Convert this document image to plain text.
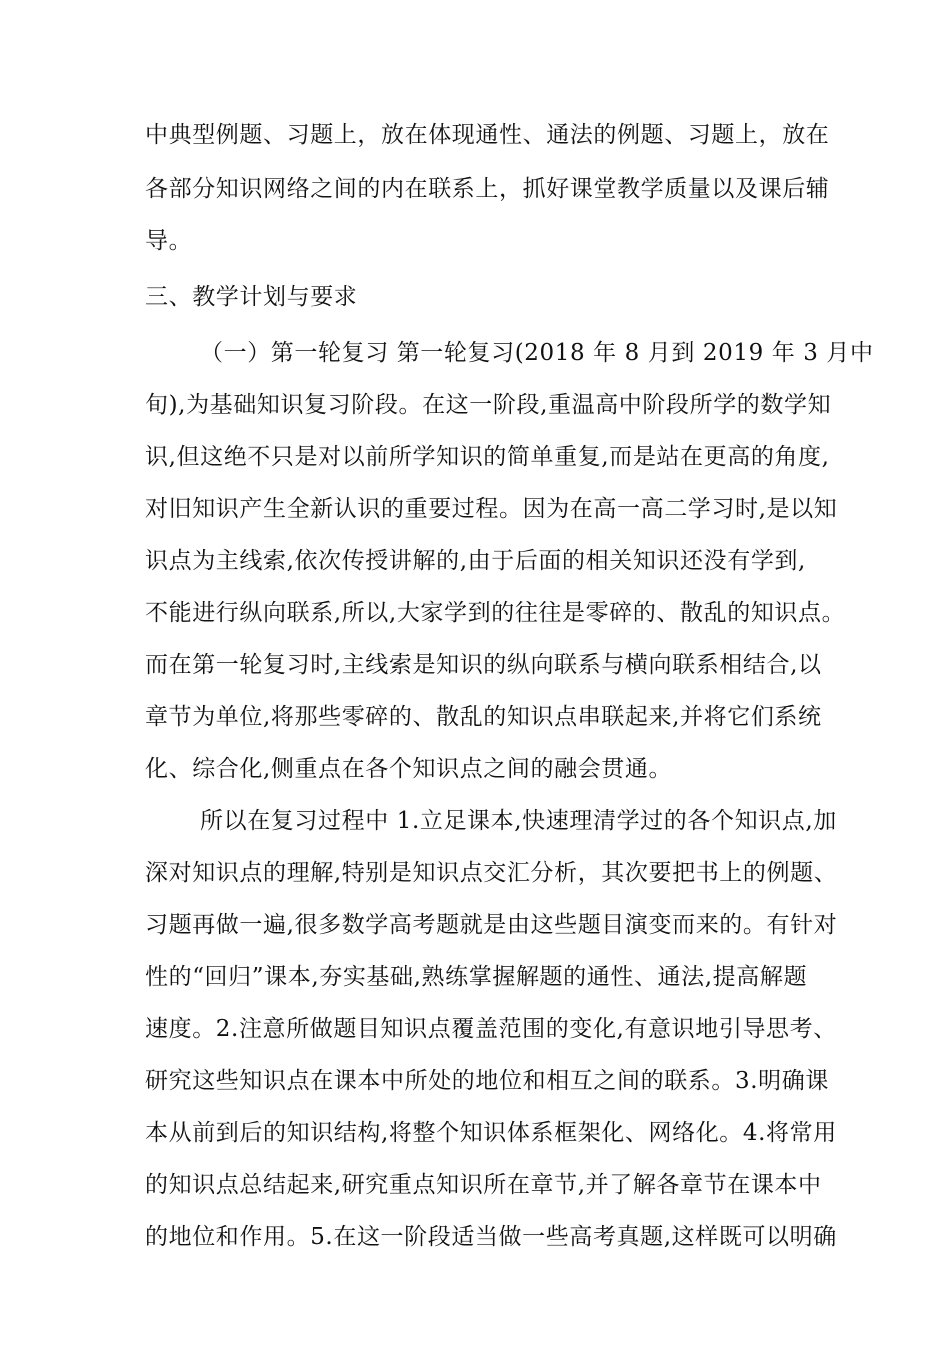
中典型例题、习题上，放在体现通性、通法的例题、习题上，放在

各部分知识网络之间的内在联系上，抓好课堂教学质量以及课后辅

导。

三、教学计划与要求

（一）第一轮复习 第一轮复习(2018 年 8 月到 2019 年 3 月中

旬),为基础知识复习阶段。在这一阶段,重温高中阶段所学的数学知

识,但这绝不只是对以前所学知识的简单重复,而是站在更高的角度,

对旧知识产生全新认识的重要过程。因为在高一高二学习时,是以知

识点为主线索,依次传授讲解的,由于后面的相关知识还没有学到,

不能进行纵向联系,所以,大家学到的往往是零碎的、散乱的知识点。

而在第一轮复习时,主线索是知识的纵向联系与横向联系相结合,以

章节为单位,将那些零碎的、散乱的知识点串联起来,并将它们系统

化、综合化,侧重点在各个知识点之间的融会贯通。

所以在复习过程中 1.立足课本,快速理清学过的各个知识点,加

深对知识点的理解,特别是知识点交汇分析，其次要把书上的例题、

习题再做一遍,很多数学高考题就是由这些题目演变而来的。有针对

性的“回归”课本,夯实基础,熟练掌握解题的通性、通法,提高解题

速度。2.注意所做题目知识点覆盖范围的变化,有意识地引导思考、

研究这些知识点在课本中所处的地位和相互之间的联系。3.明确课

本从前到后的知识结构,将整个知识体系框架化、网络化。4.将常用

的知识点总结起来,研究重点知识所在章节,并了解各章节在课本中

的地位和作用。5.在这一阶段适当做一些高考真题,这样既可以明确
